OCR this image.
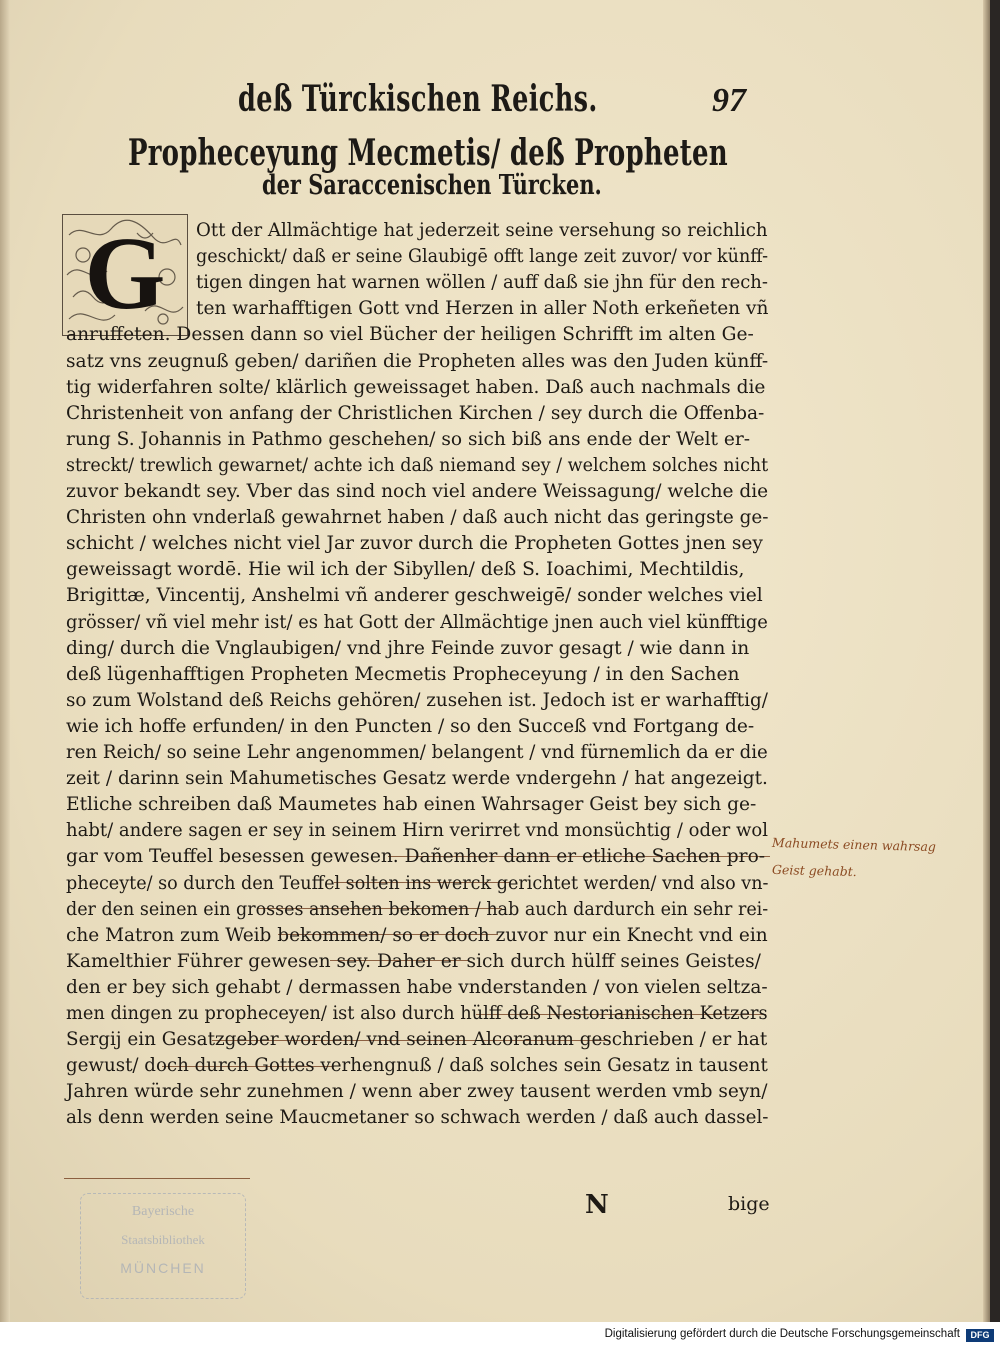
deß Türckischen Reichs.	97
Propheceyung Mecmetis/ deß Propheten
der Saraccenischen Türcken.
G
Mahumets einen wahrsag
Geist gehabt.
N	bige
Bayerische
Staatsbibliothek
MÜNCHEN
Ott der Allmächtige hat jederzeit seine versehung so reichlich
geschickt/ daß er seine Glaubigē offt lange zeit zuvor/ vor künff-
tigen dingen hat warnen wöllen / auff daß sie jhn für den rech-
ten warhafftigen Gott vnd Herzen in aller Noth erkeñeten vñ
anruffeten. Dessen dann so viel Bücher der heiligen Schrifft im alten Ge-
satz vns zeugnuß geben/ dariñen die Propheten alles was den Juden künff-
tig widerfahren solte/ klärlich geweissaget haben. Daß auch nachmals die
Christenheit von anfang der Christlichen Kirchen / sey durch die Offenba-
rung S. Johannis in Pathmo geschehen/ so sich biß ans ende der Welt er-
streckt/ trewlich gewarnet/ achte ich daß niemand sey / welchem solches nicht
zuvor bekandt sey. Vber das sind noch viel andere Weissagung/ welche die
Christen ohn vnderlaß gewahrnet haben / daß auch nicht das geringste ge-
schicht / welches nicht viel Jar zuvor durch die Propheten Gottes jnen sey
geweissagt wordē. Hie wil ich der Sibyllen/ deß S. Ioachimi, Mechtildis,
Brigittæ, Vincentij, Anshelmi vñ anderer geschweigē/ sonder welches viel
grösser/ vñ viel mehr ist/ es hat Gott der Allmächtige jnen auch viel künfftige
ding/ durch die Vnglaubigen/ vnd jhre Feinde zuvor gesagt / wie dann in
deß lügenhafftigen Propheten Mecmetis Propheceyung / in den Sachen
so zum Wolstand deß Reichs gehören/ zusehen ist. Jedoch ist er warhafftig/
wie ich hoffe erfunden/ in den Puncten / so den Succeß vnd Fortgang de-
ren Reich/ so seine Lehr angenommen/ belangent / vnd fürnemlich da er die
zeit / darinn sein Mahumetisches Gesatz werde vndergehn / hat angezeigt.
Etliche schreiben daß Maumetes hab einen Wahrsager Geist bey sich ge-
habt/ andere sagen er sey in seinem Hirn verirret vnd monsüchtig / oder wol
gar vom Teuffel besessen gewesen. Dañenher dann er etliche Sachen pro-
pheceyte/ so durch den Teuffel solten ins werck gerichtet werden/ vnd also vn-
der den seinen ein grosses ansehen bekomen / hab auch dardurch ein sehr rei-
che Matron zum Weib bekommen/ so er doch zuvor nur ein Knecht vnd ein
Kamelthier Führer gewesen sey. Daher er sich durch hülff seines Geistes/
den er bey sich gehabt / dermassen habe vnderstanden / von vielen seltza-
men dingen zu propheceyen/ ist also durch hülff deß Nestorianischen Ketzers
Sergij ein Gesatzgeber worden/ vnd seinen Alcoranum geschrieben / er hat
gewust/ doch durch Gottes verhengnuß / daß solches sein Gesatz in tausent
Jahren würde sehr zunehmen / wenn aber zwey tausent werden vmb seyn/
als denn werden seine Maucmetaner so schwach werden / daß auch dassel-
Digitalisierung gefördert durch die Deutsche Forschungsgemeinschaft	DFG
